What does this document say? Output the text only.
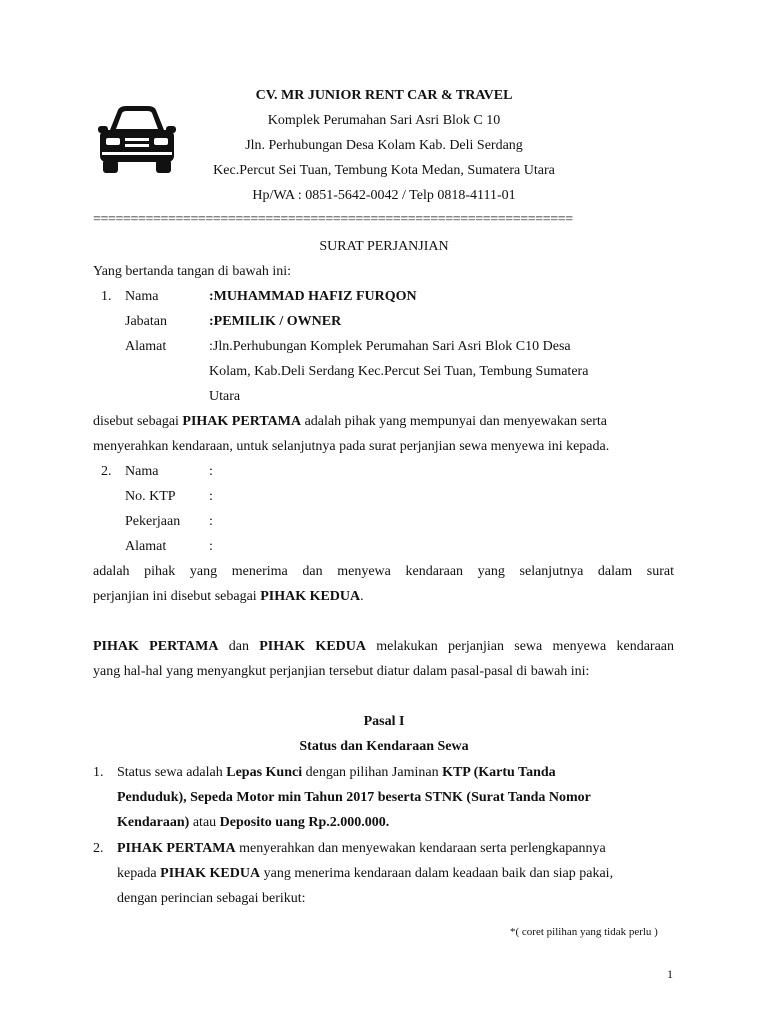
CV. MR JUNIOR RENT CAR & TRAVEL
Komplek Perumahan Sari Asri Blok C 10
Jln. Perhubungan Desa Kolam Kab. Deli Serdang
Kec.Percut Sei Tuan, Tembung Kota Medan, Sumatera Utara
Hp/WA : 0851-5642-0042 / Telp 0818-4111-01
================================================================
SURAT PERJANJIAN
Yang bertanda tangan di bawah ini:
1. Nama	:MUHAMMAD HAFIZ FURQON
Jabatan	:PEMILIK / OWNER
Alamat	:Jln.Perhubungan Komplek Perumahan Sari Asri Blok C10 Desa
Kolam, Kab.Deli Serdang Kec.Percut Sei Tuan, Tembung Sumatera
Utara
disebut sebagai PIHAK PERTAMA adalah pihak yang mempunyai dan menyewakan serta
menyerahkan kendaraan, untuk selanjutnya pada surat perjanjian sewa menyewa ini kepada.
2. Nama	:
No. KTP :
Pekerjaan :
Alamat	:
adalah pihak yang menerima dan menyewa kendaraan yang selanjutnya dalam surat
perjanjian ini disebut sebagai PIHAK KEDUA.
PIHAK PERTAMA dan PIHAK KEDUA melakukan perjanjian sewa menyewa kendaraan
yang hal-hal yang menyangkut perjanjian tersebut diatur dalam pasal-pasal di bawah ini:
Pasal I
Status dan Kendaraan Sewa
1. Status sewa adalah Lepas Kunci dengan pilihan Jaminan KTP (Kartu Tanda
Penduduk), Sepeda Motor min Tahun 2017 beserta STNK (Surat Tanda Nomor
Kendaraan) atau Deposito uang Rp.2.000.000.
2. PIHAK PERTAMA menyerahkan dan menyewakan kendaraan serta perlengkapannya
kepada PIHAK KEDUA yang menerima kendaraan dalam keadaan baik dan siap pakai,
dengan perincian sebagai berikut:
*( coret pilihan yang tidak perlu )
1
